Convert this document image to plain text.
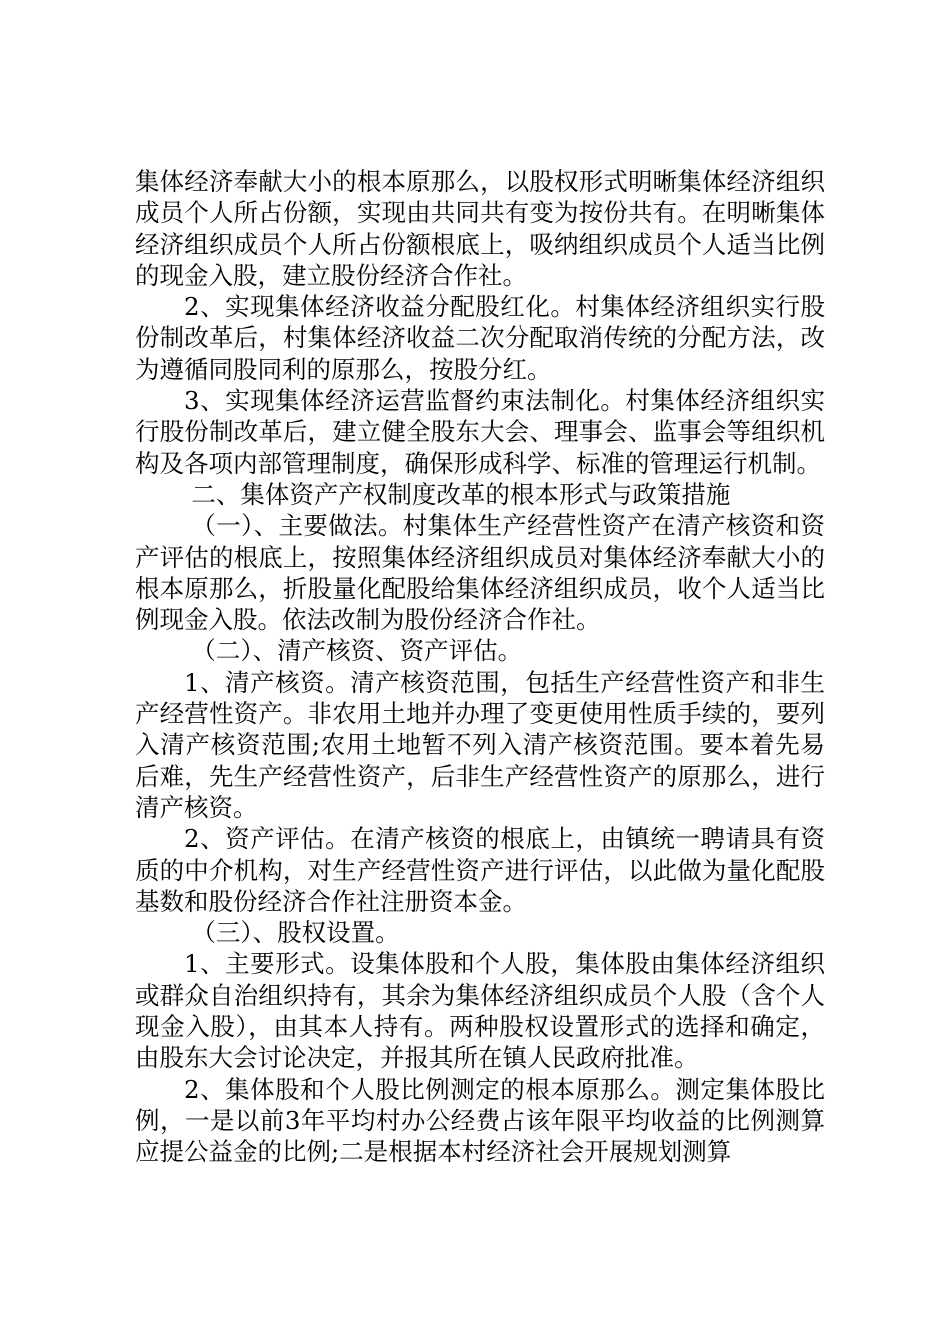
集体经济奉献大小的根本原那么，以股权形式明晰集体经济组织成员个人所占份额，实现由共同共有变为按份共有。在明晰集体经济组织成员个人所占份额根底上，吸纳组织成员个人适当比例的现金入股，建立股份经济合作社。

2、实现集体经济收益分配股红化。村集体经济组织实行股份制改革后，村集体经济收益二次分配取消传统的分配方法，改为遵循同股同利的原那么，按股分红。

3、实现集体经济运营监督约束法制化。村集体经济组织实行股份制改革后，建立健全股东大会、理事会、监事会等组织机构及各项内部管理制度，确保形成科学、标准的管理运行机制。

二、集体资产产权制度改革的根本形式与政策措施

（一）、主要做法。村集体生产经营性资产在清产核资和资产评估的根底上，按照集体经济组织成员对集体经济奉献大小的根本原那么，折股量化配股给集体经济组织成员，收个人适当比例现金入股。依法改制为股份经济合作社。

（二）、清产核资、资产评估。

1、清产核资。清产核资范围，包括生产经营性资产和非生产经营性资产。非农用土地并办理了变更使用性质手续的，要列入清产核资范围;农用土地暂不列入清产核资范围。要本着先易后难，先生产经营性资产，后非生产经营性资产的原那么，进行清产核资。

2、资产评估。在清产核资的根底上，由镇统一聘请具有资质的中介机构，对生产经营性资产进行评估，以此做为量化配股基数和股份经济合作社注册资本金。

（三）、股权设置。

1、主要形式。设集体股和个人股，集体股由集体经济组织或群众自治组织持有，其余为集体经济组织成员个人股（含个人现金入股），由其本人持有。两种股权设置形式的选择和确定，由股东大会讨论决定，并报其所在镇人民政府批准。

2、集体股和个人股比例测定的根本原那么。测定集体股比例，一是以前3年平均村办公经费占该年限平均收益的比例测算应提公益金的比例;二是根据本村经济社会开展规划测算
